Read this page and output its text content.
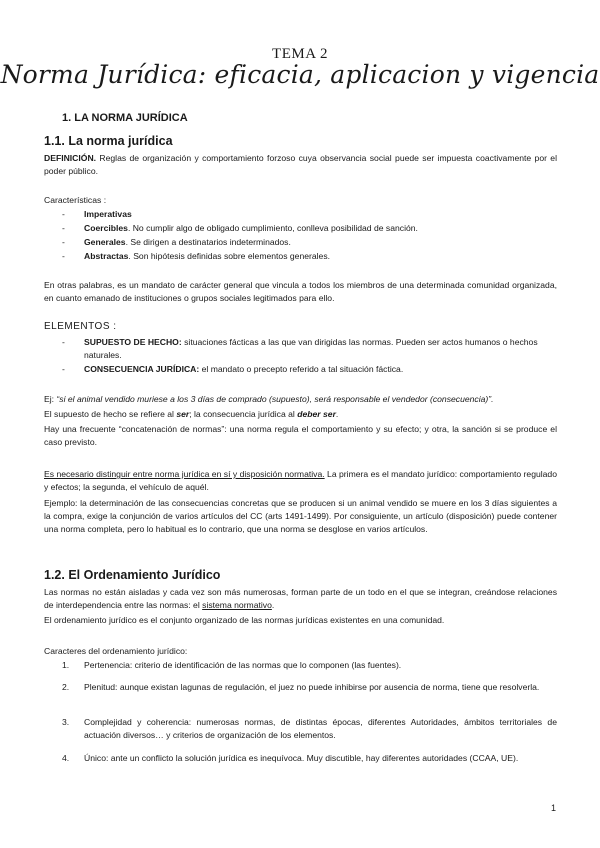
TEMA 2
Norma Jurídica: eficacia, aplicacion y vigencia
1. LA NORMA JURÍDICA
1.1. La norma jurídica

DEFINICIÓN. Reglas de organización y comportamiento forzoso cuya observancia social puede ser impuesta coactivamente por el poder público.

Características :

- Imperativas
- Coercibles. No cumplir algo de obligado cumplimiento, conlleva posibilidad de sanción.
- Generales. Se dirigen a destinatarios indeterminados.
- Abstractas. Son hipótesis definidas sobre elementos generales.

En otras palabras, es un mandato de carácter general que vincula a todos los miembros de una determinada comunidad organizada, en cuanto emanado de instituciones o grupos sociales legitimados para ello.

ELEMENTOS :
- SUPUESTO DE HECHO: situaciones fácticas a las que van dirigidas las normas. Pueden ser actos humanos o hechos naturales.
- CONSECUENCIA JURÍDICA: el mandato o precepto referido a tal situación fáctica.

Ej: “si el animal vendido muriese a los 3 días de comprado (supuesto), será responsable el vendedor (consecuencia)”.

El supuesto de hecho se refiere al ser; la consecuencia jurídica al deber ser.

Hay una frecuente “concatenación de normas”: una norma regula el comportamiento y su efecto; y otra, la sanción si se produce el caso previsto.

Es necesario distinguir entre norma jurídica en sí y disposición normativa. La primera es el mandato jurídico: comportamiento regulado y efectos; la segunda, el vehículo de aquél.

Ejemplo: la determinación de las consecuencias concretas que se producen si un animal vendido se muere en los 3 días siguientes a la compra, exige la conjunción de varios artículos del CC (arts 1491-1499). Por consiguiente, un artículo (disposición) puede contener una norma completa, pero lo habitual es lo contrario, que una norma se desglose en varios artículos.

1.2. El Ordenamiento Jurídico

Las normas no están aisladas y cada vez son más numerosas, forman parte de un todo en el que se integran, creándose relaciones de interdependencia entre las normas: el sistema normativo.

El ordenamiento jurídico es el conjunto organizado de las normas jurídicas existentes en una comunidad.

Caracteres del ordenamiento jurídico:

1. Pertenencia: criterio de identificación de las normas que lo componen (las fuentes).
2. Plenitud: aunque existan lagunas de regulación, el juez no puede inhibirse por ausencia de norma, tiene que resolverla.
3. Complejidad y coherencia: numerosas normas, de distintas épocas, diferentes Autoridades, ámbitos territoriales de actuación diversos… y criterios de organización de los elementos.
4. Único: ante un conflicto la solución jurídica es inequívoca. Muy discutible, hay diferentes autoridades (CCAA, UE).
1
